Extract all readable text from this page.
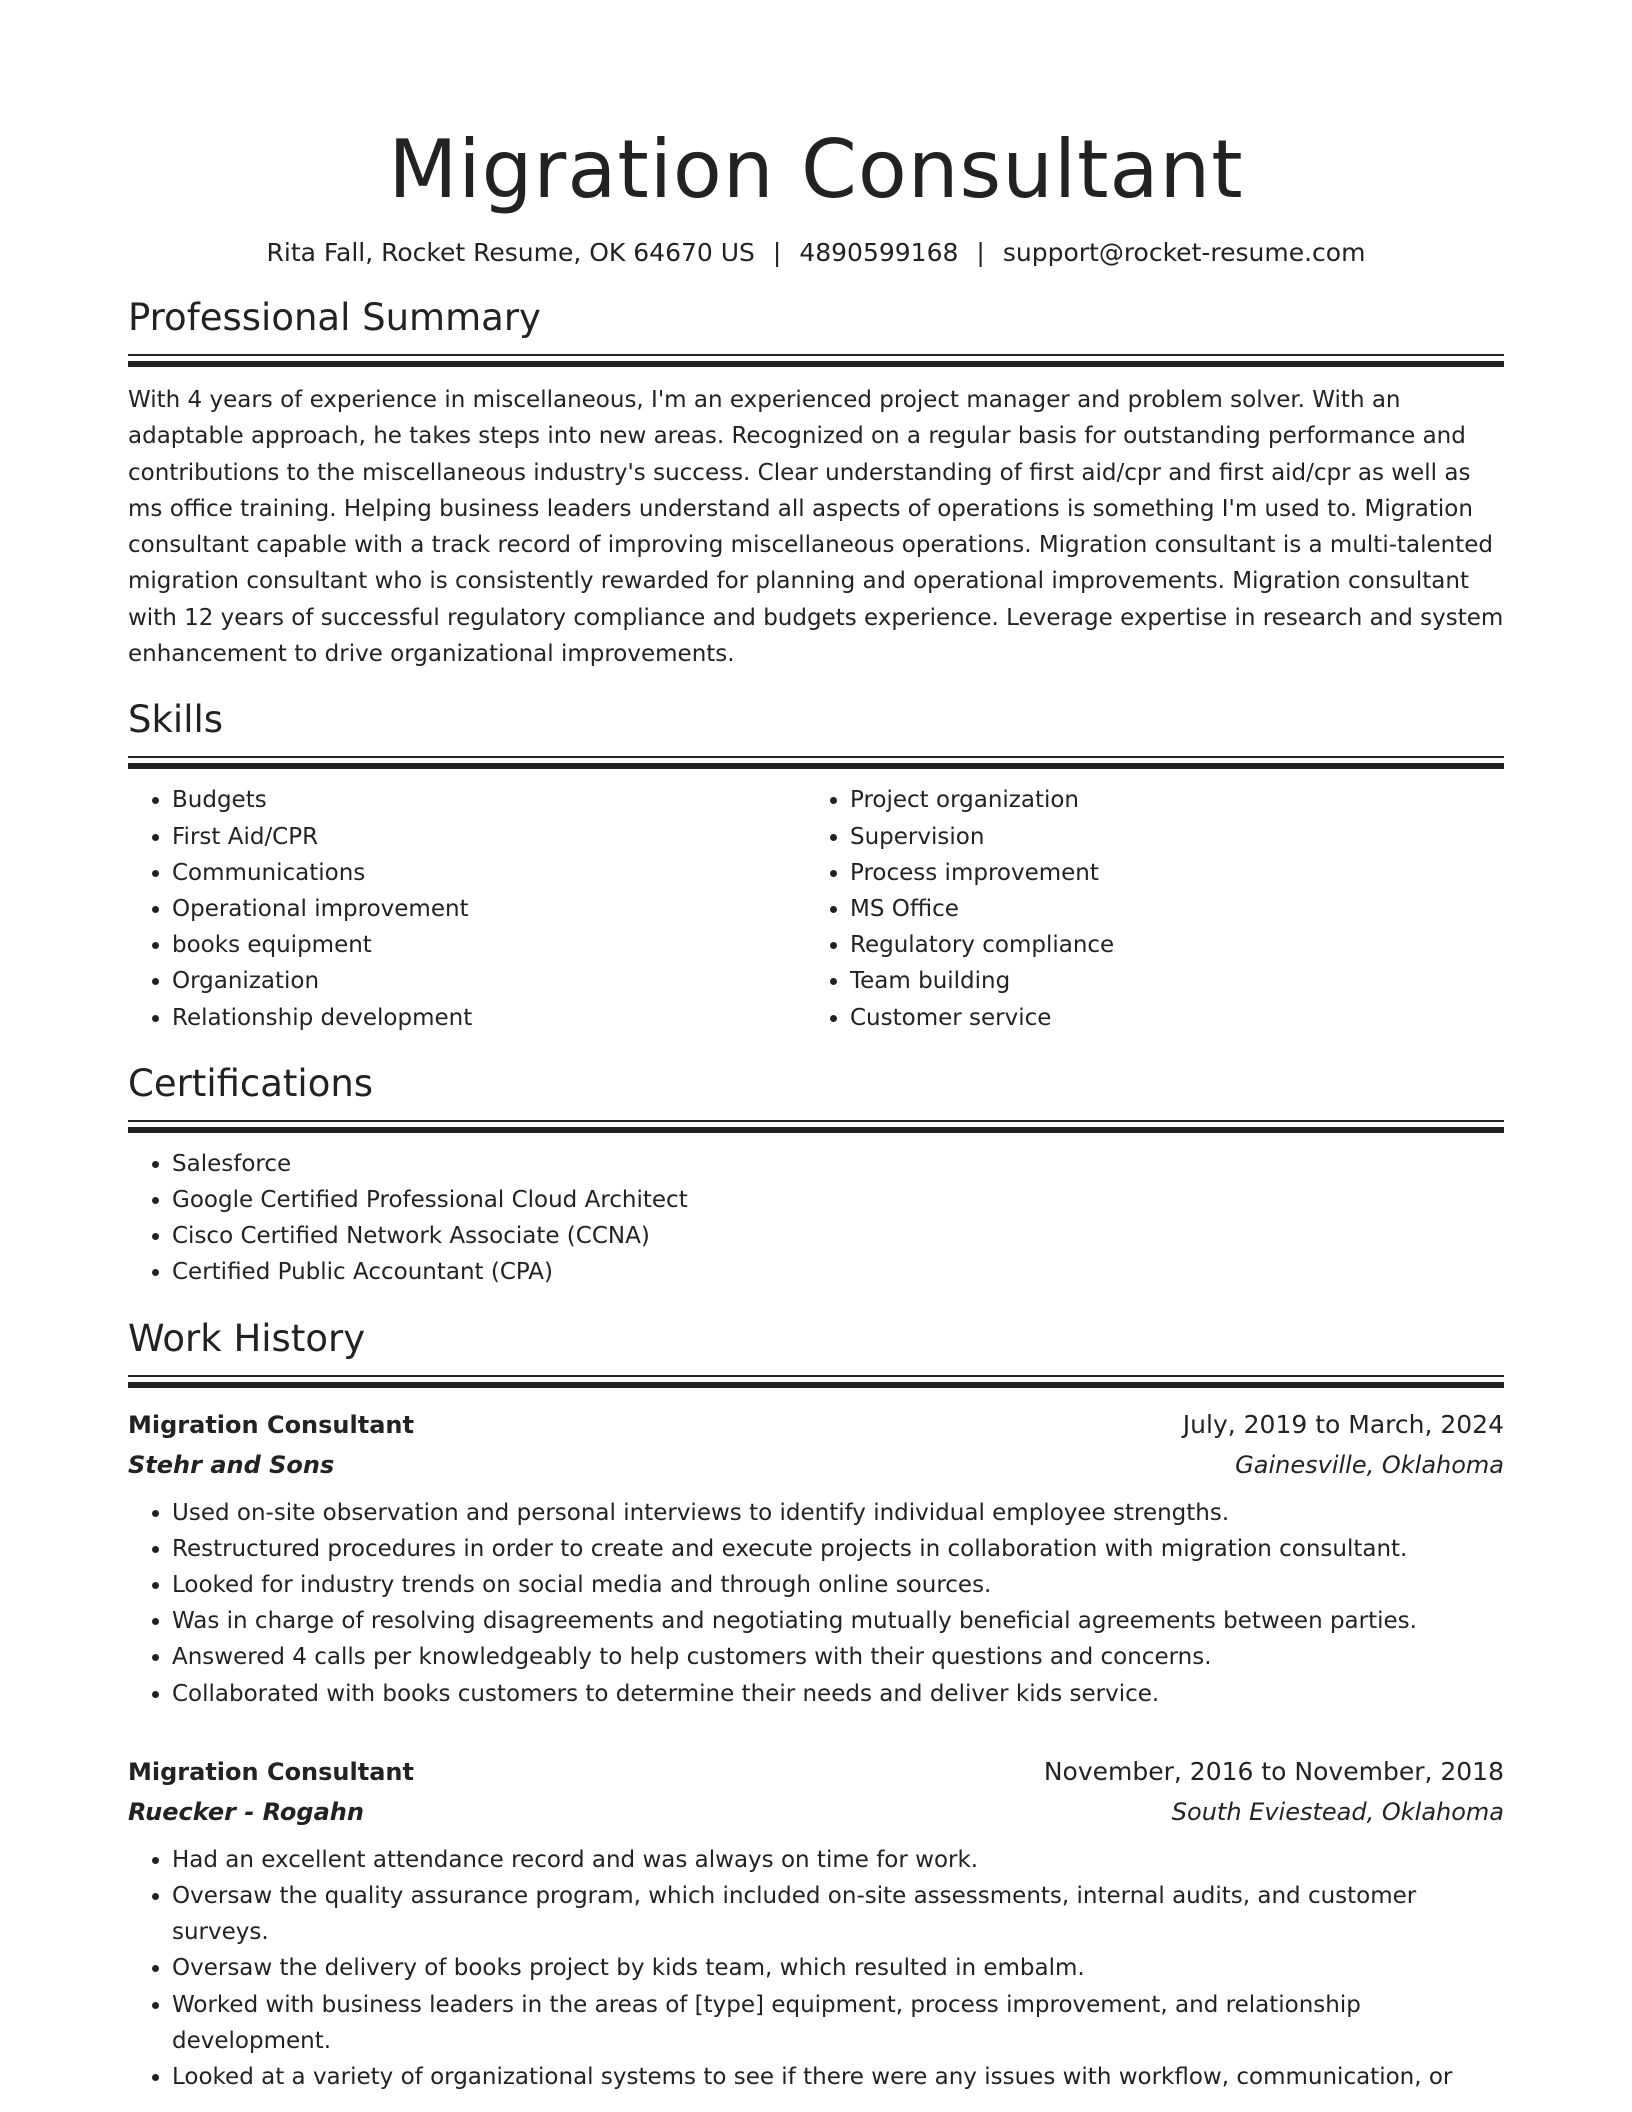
Migration Consultant
Rita Fall, Rocket Resume, OK 64670 US | 4890599168 | support@rocket-resume.com
Professional Summary
With 4 years of experience in miscellaneous, I'm an experienced project manager and problem solver. With an adaptable approach, he takes steps into new areas. Recognized on a regular basis for outstanding performance and contributions to the miscellaneous industry's success. Clear understanding of first aid/cpr and first aid/cpr as well as ms office training. Helping business leaders understand all aspects of operations is something I'm used to. Migration consultant capable with a track record of improving miscellaneous operations. Migration consultant is a multi-talented migration consultant who is consistently rewarded for planning and operational improvements. Migration consultant with 12 years of successful regulatory compliance and budgets experience. Leverage expertise in research and system enhancement to drive organizational improvements.
Skills
• Budgets
• First Aid/CPR
• Communications
• Operational improvement
• books equipment
• Organization
• Relationship development
• Project organization
• Supervision
• Process improvement
• MS Office
• Regulatory compliance
• Team building
• Customer service
Certifications
• Salesforce
• Google Certified Professional Cloud Architect
• Cisco Certified Network Associate (CCNA)
• Certified Public Accountant (CPA)
Work History
Migration Consultant	July, 2019 to March, 2024
Stehr and Sons	Gainesville, Oklahoma
• Used on-site observation and personal interviews to identify individual employee strengths.
• Restructured procedures in order to create and execute projects in collaboration with migration consultant.
• Looked for industry trends on social media and through online sources.
• Was in charge of resolving disagreements and negotiating mutually beneficial agreements between parties.
• Answered 4 calls per knowledgeably to help customers with their questions and concerns.
• Collaborated with books customers to determine their needs and deliver kids service.
Migration Consultant	November, 2016 to November, 2018
Ruecker - Rogahn	South Eviestead, Oklahoma
• Had an excellent attendance record and was always on time for work.
• Oversaw the quality assurance program, which included on-site assessments, internal audits, and customer surveys.
• Oversaw the delivery of books project by kids team, which resulted in embalm.
• Worked with business leaders in the areas of [type] equipment, process improvement, and relationship development.
• Looked at a variety of organizational systems to see if there were any issues with workflow, communication, or
